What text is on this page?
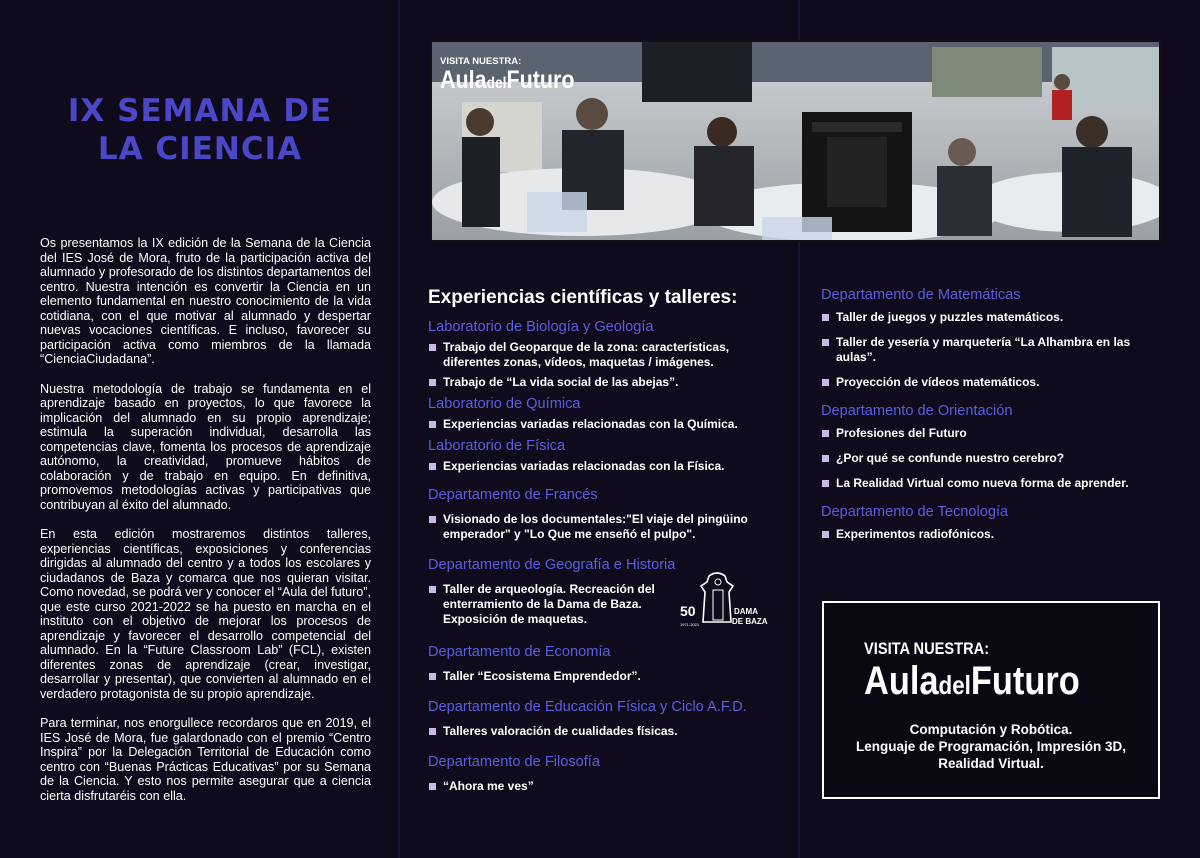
IX SEMANA DE
LA CIENCIA

Os presentamos la IX edición de la Semana de la Ciencia del IES José de Mora, fruto de la participación activa del alumnado y profesorado de los distintos departamentos del centro. Nuestra intención es convertir la Ciencia en un elemento fundamental en nuestro conocimiento de la vida cotidiana, con el que motivar al alumnado y despertar nuevas vocaciones científicas. E incluso, favorecer su participación activa como miembros de la llamada “CienciaCiudadana”.

Nuestra metodología de trabajo se fundamenta en el aprendizaje basado en proyectos, lo que favorece la implicación del alumnado en su propio aprendizaje; estimula la superación individual, desarrolla las competencias clave, fomenta los procesos de aprendizaje autónomo, la creatividad, promueve hábitos de colaboración y de trabajo en equipo. En definitiva, promovemos metodologías activas y participativas que contribuyan al éxito del alumnado.

En esta edición mostraremos distintos talleres, experiencias científicas, exposiciones y conferencias dirigidas al alumnado del centro y a todos los escolares y ciudadanos de Baza y comarca que nos quieran visitar. Como novedad, se podrá ver y conocer el “Aula del futuro”, que este curso 2021-2022 se ha puesto en marcha en el instituto con el objetivo de mejorar los procesos de aprendizaje y favorecer el desarrollo competencial del alumnado. En la “Future Classroom Lab” (FCL), existen diferentes zonas de aprendizaje (crear, investigar, desarrollar y presentar), que convierten al alumnado en el verdadero protagonista de su propio aprendizaje.

Para terminar, nos enorgullece recordaros que en 2019, el IES José de Mora, fue galardonado con el premio “Centro Inspira” por la Delegación Territorial de Educación como centro con “Buenas Prácticas Educativas” por su Semana de la Ciencia. Y esto nos permite asegurar que a ciencia cierta disfrutaréis con ella.

VISITA NUESTRA:
AuladelFuturo
Experiencias científicas y talleres:

Laboratorio de Biología y Geología

Trabajo del Geoparque de la zona: características, diferentes zonas, vídeos, maquetas / imágenes.
Trabajo de “La vida social de las abejas”.

Laboratorio de Química

Experiencias variadas relacionadas con la Química.

Laboratorio de Física

Experiencias variadas relacionadas con la Física.

Departamento de Francés

Visionado de los documentales:"El viaje del pingüino emperador" y "Lo Que me enseñó el pulpo".

Departamento de Geografía e Historia

Taller de arqueología. Recreación del enterramiento de la Dama de Baza. Exposición de maquetas.

Departamento de Economía

Taller “Ecosistema Emprendedor”.

Departamento de Educación Física y Ciclo A.F.D.

Talleres valoración de cualidades físicas.

Departamento de Filosofía

“Ahora me ves”
50
1971-2021
DAMA
DE BAZA

Departamento de Matemáticas

Taller de juegos y puzzles matemáticos.
Taller de yesería y marquetería “La Alhambra en las aulas”.
Proyección de vídeos matemáticos.

Departamento de Orientación

Profesiones del Futuro
¿Por qué se confunde nuestro cerebro?
La Realidad Virtual como nueva forma de aprender.

Departamento de Tecnología

Experimentos radiofónicos.
VISITA NUESTRA:
AuladelFuturo
Computación y Robótica.
Lenguaje de Programación, Impresión 3D,
Realidad Virtual.
